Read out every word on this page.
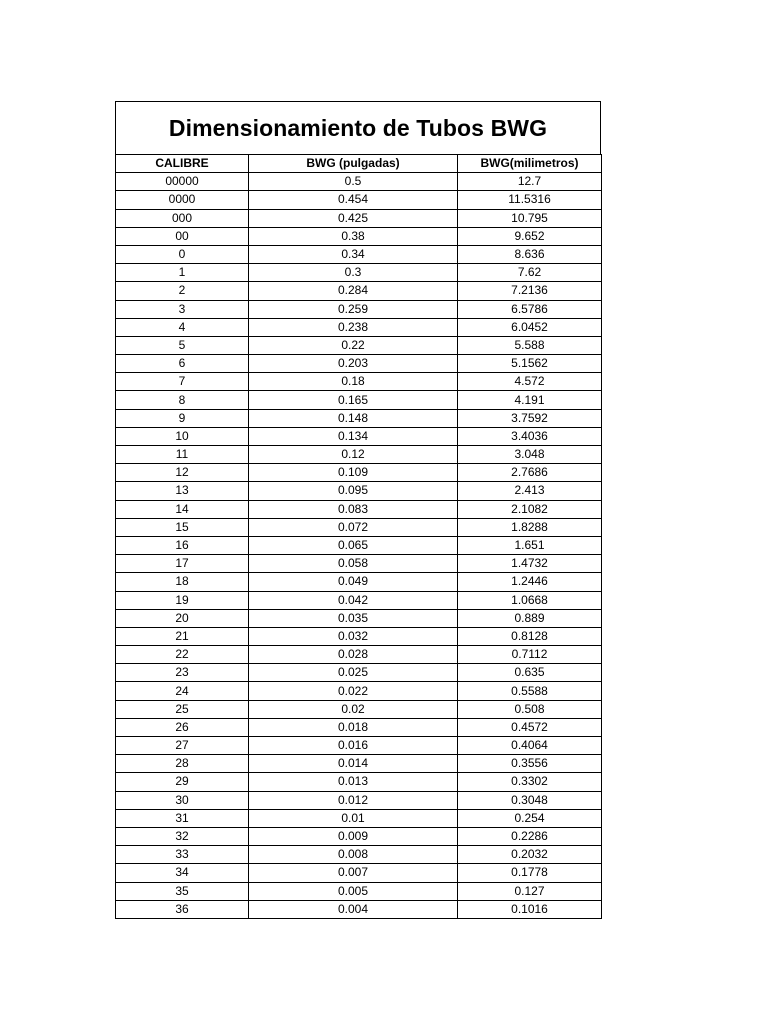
Dimensionamiento de Tubos BWG
CALIBRE	BWG (pulgadas)	BWG(milimetros)
00000	0.5	12.7
0000	0.454	11.5316
000	0.425	10.795
00	0.38	9.652
0	0.34	8.636
1	0.3	7.62
2	0.284	7.2136
3	0.259	6.5786
4	0.238	6.0452
5	0.22	5.588
6	0.203	5.1562
7	0.18	4.572
8	0.165	4.191
9	0.148	3.7592
10	0.134	3.4036
11	0.12	3.048
12	0.109	2.7686
13	0.095	2.413
14	0.083	2.1082
15	0.072	1.8288
16	0.065	1.651
17	0.058	1.4732
18	0.049	1.2446
19	0.042	1.0668
20	0.035	0.889
21	0.032	0.8128
22	0.028	0.7112
23	0.025	0.635
24	0.022	0.5588
25	0.02	0.508
26	0.018	0.4572
27	0.016	0.4064
28	0.014	0.3556
29	0.013	0.3302
30	0.012	0.3048
31	0.01	0.254
32	0.009	0.2286
33	0.008	0.2032
34	0.007	0.1778
35	0.005	0.127
36	0.004	0.1016
